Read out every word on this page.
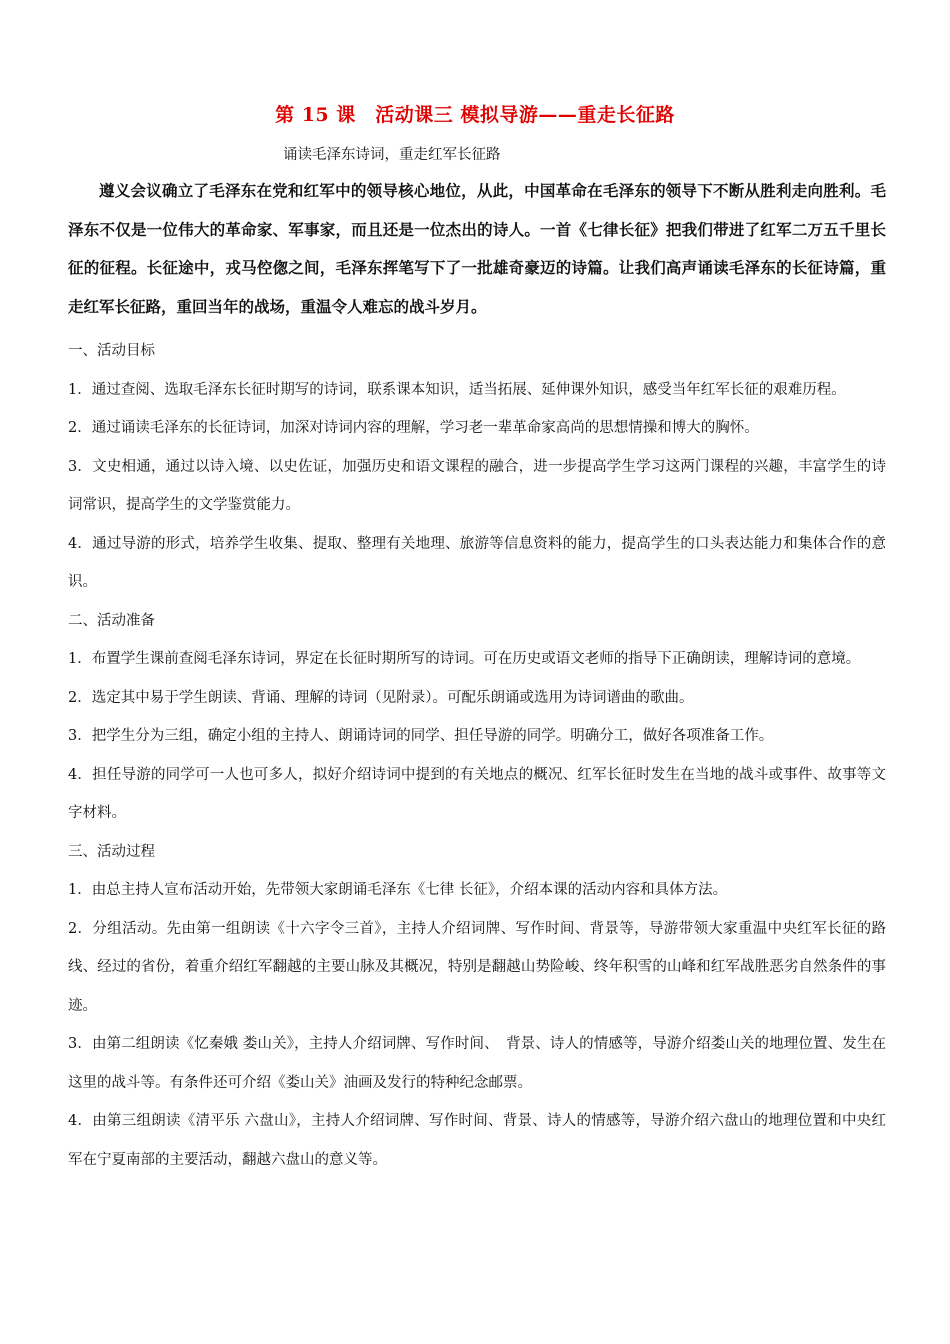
第 15 课　活动课三 模拟导游——重走长征路
诵读毛泽东诗词，重走红军长征路
遵义会议确立了毛泽东在党和红军中的领导核心地位，从此，中国革命在毛泽东的领导下不断从胜利走向胜利。毛泽东不仅是一位伟大的革命家、军事家，而且还是一位杰出的诗人。一首《七律长征》把我们带进了红军二万五千里长征的征程。长征途中，戎马倥偬之间，毛泽东挥笔写下了一批雄奇豪迈的诗篇。让我们高声诵读毛泽东的长征诗篇，重走红军长征路，重回当年的战场，重温令人难忘的战斗岁月。

一、活动目标

1．通过查阅、选取毛泽东长征时期写的诗词，联系课本知识，适当拓展、延伸课外知识，感受当年红军长征的艰难历程。

2．通过诵读毛泽东的长征诗词，加深对诗词内容的理解，学习老一辈革命家高尚的思想情操和博大的胸怀。

3．文史相通，通过以诗入境、以史佐证，加强历史和语文课程的融合，进一步提高学生学习这两门课程的兴趣，丰富学生的诗词常识，提高学生的文学鉴赏能力。

4．通过导游的形式，培养学生收集、提取、整理有关地理、旅游等信息资料的能力，提高学生的口头表达能力和集体合作的意识。

二、活动准备

1．布置学生课前查阅毛泽东诗词，界定在长征时期所写的诗词。可在历史或语文老师的指导下正确朗读，理解诗词的意境。

2．选定其中易于学生朗读、背诵、理解的诗词（见附录）。可配乐朗诵或选用为诗词谱曲的歌曲。

3．把学生分为三组，确定小组的主持人、朗诵诗词的同学、担任导游的同学。明确分工，做好各项准备工作。

4．担任导游的同学可一人也可多人，拟好介绍诗词中提到的有关地点的概况、红军长征时发生在当地的战斗或事件、故事等文字材料。

三、活动过程

1．由总主持人宣布活动开始，先带领大家朗诵毛泽东《七律 长征》，介绍本课的活动内容和具体方法。

2．分组活动。先由第一组朗读《十六字令三首》，主持人介绍词牌、写作时间、背景等，导游带领大家重温中央红军长征的路线、经过的省份，着重介绍红军翻越的主要山脉及其概况，特别是翻越山势险峻、终年积雪的山峰和红军战胜恶劣自然条件的事迹。

3．由第二组朗读《忆秦娥 娄山关》，主持人介绍词牌、写作时间、　背景、诗人的情感等，导游介绍娄山关的地理位置、发生在这里的战斗等。有条件还可介绍《娄山关》油画及发行的特种纪念邮票。

4．由第三组朗读《清平乐 六盘山》，主持人介绍词牌、写作时间、背景、诗人的情感等，导游介绍六盘山的地理位置和中央红军在宁夏南部的主要活动，翻越六盘山的意义等。
